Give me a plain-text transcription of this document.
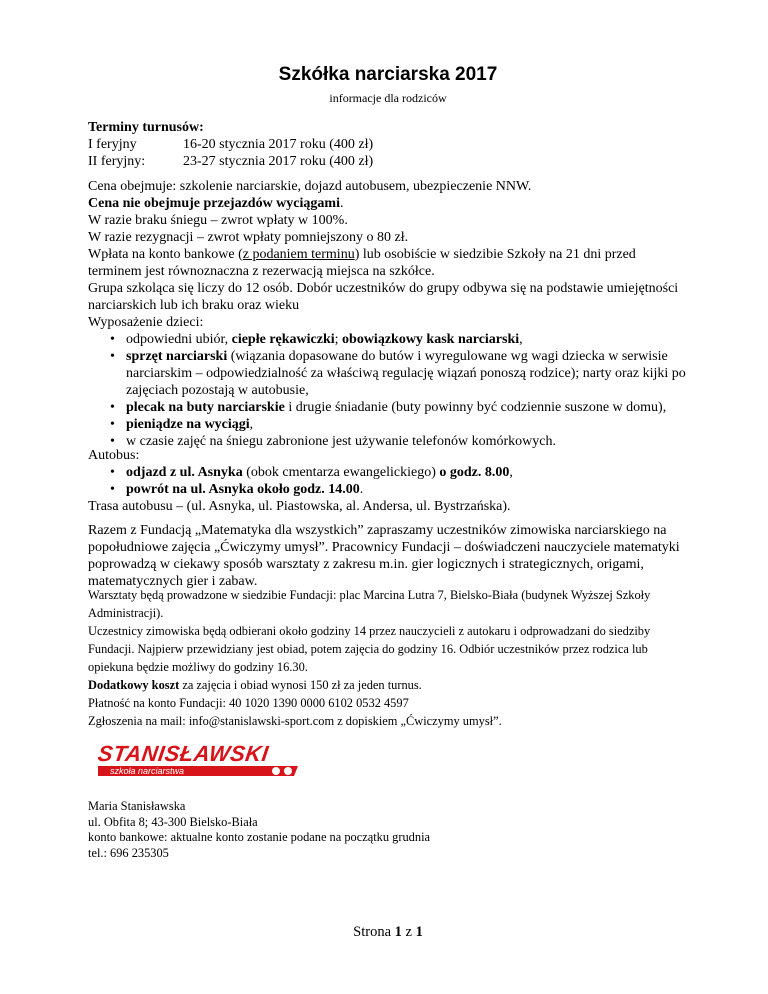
Szkółka narciarska 2017
informacje dla rodziców

Terminy turnusów:

I feryjny	16-20 stycznia 2017 roku (400 zł)
II feryjny:	23-27 stycznia 2017 roku (400 zł)

Cena obejmuje: szkolenie narciarskie, dojazd autobusem, ubezpieczenie NNW.

Cena nie obejmuje przejazdów wyciągami.

W razie braku śniegu – zwrot wpłaty w 100%.

W razie rezygnacji – zwrot wpłaty pomniejszony o 80 zł.

Wpłata na konto bankowe (z podaniem terminu) lub osobiście w siedzibie Szkoły na 21 dni przed terminem jest równoznaczna z rezerwacją miejsca na szkółce.

Grupa szkoląca się liczy do 12 osób. Dobór uczestników do grupy odbywa się na podstawie umiejętności narciarskich lub ich braku oraz wieku

Wyposażenie dzieci:

• odpowiedni ubiór, ciepłe rękawiczki; obowiązkowy kask narciarski,
• sprzęt narciarski (wiązania dopasowane do butów i wyregulowane wg wagi dziecka w serwisie narciarskim – odpowiedzialność za właściwą regulację wiązań ponoszą rodzice); narty oraz kijki po zajęciach pozostają w autobusie,
• plecak na buty narciarskie i drugie śniadanie (buty powinny być codziennie suszone w domu),
• pieniądze na wyciągi,
• w czasie zajęć na śniegu zabronione jest używanie telefonów komórkowych.

Autobus:

• odjazd z ul. Asnyka (obok cmentarza ewangelickiego) o godz. 8.00,
• powrót na ul. Asnyka około godz. 14.00.

Trasa autobusu – (ul. Asnyka, ul. Piastowska, al. Andersa, ul. Bystrzańska).

Razem z Fundacją „Matematyka dla wszystkich” zapraszamy uczestników zimowiska narciarskiego na popołudniowe zajęcia „Ćwiczymy umysł”. Pracownicy Fundacji – doświadczeni nauczyciele matematyki poprowadzą w ciekawy sposób warsztaty z zakresu m.in. gier logicznych i strategicznych, origami, matematycznych gier i zabaw.

Warsztaty będą prowadzone w siedzibie Fundacji: plac Marcina Lutra 7, Bielsko-Biała (budynek Wyższej Szkoły Administracji).

Uczestnicy zimowiska będą odbierani około godziny 14 przez nauczycieli z autokaru i odprowadzani do siedziby Fundacji. Najpierw przewidziany jest obiad, potem zajęcia do godziny 16. Odbiór uczestników przez rodzica lub opiekuna będzie możliwy do godziny 16.30.

Dodatkowy koszt za zajęcia i obiad wynosi 150 zł za jeden turnus.

Płatność na konto Fundacji: 40 1020 1390 0000 6102 0532 4597

Zgłoszenia na mail: info@stanislawski-sport.com z dopiskiem „Ćwiczymy umysł”.

STANISŁAWSKI
szkoła narciarstwa

Maria Stanisławska

ul. Obfita 8; 43-300 Bielsko-Biała

konto bankowe: aktualne konto zostanie podane na początku grudnia

tel.: 696 235305

Strona 1 z 1
